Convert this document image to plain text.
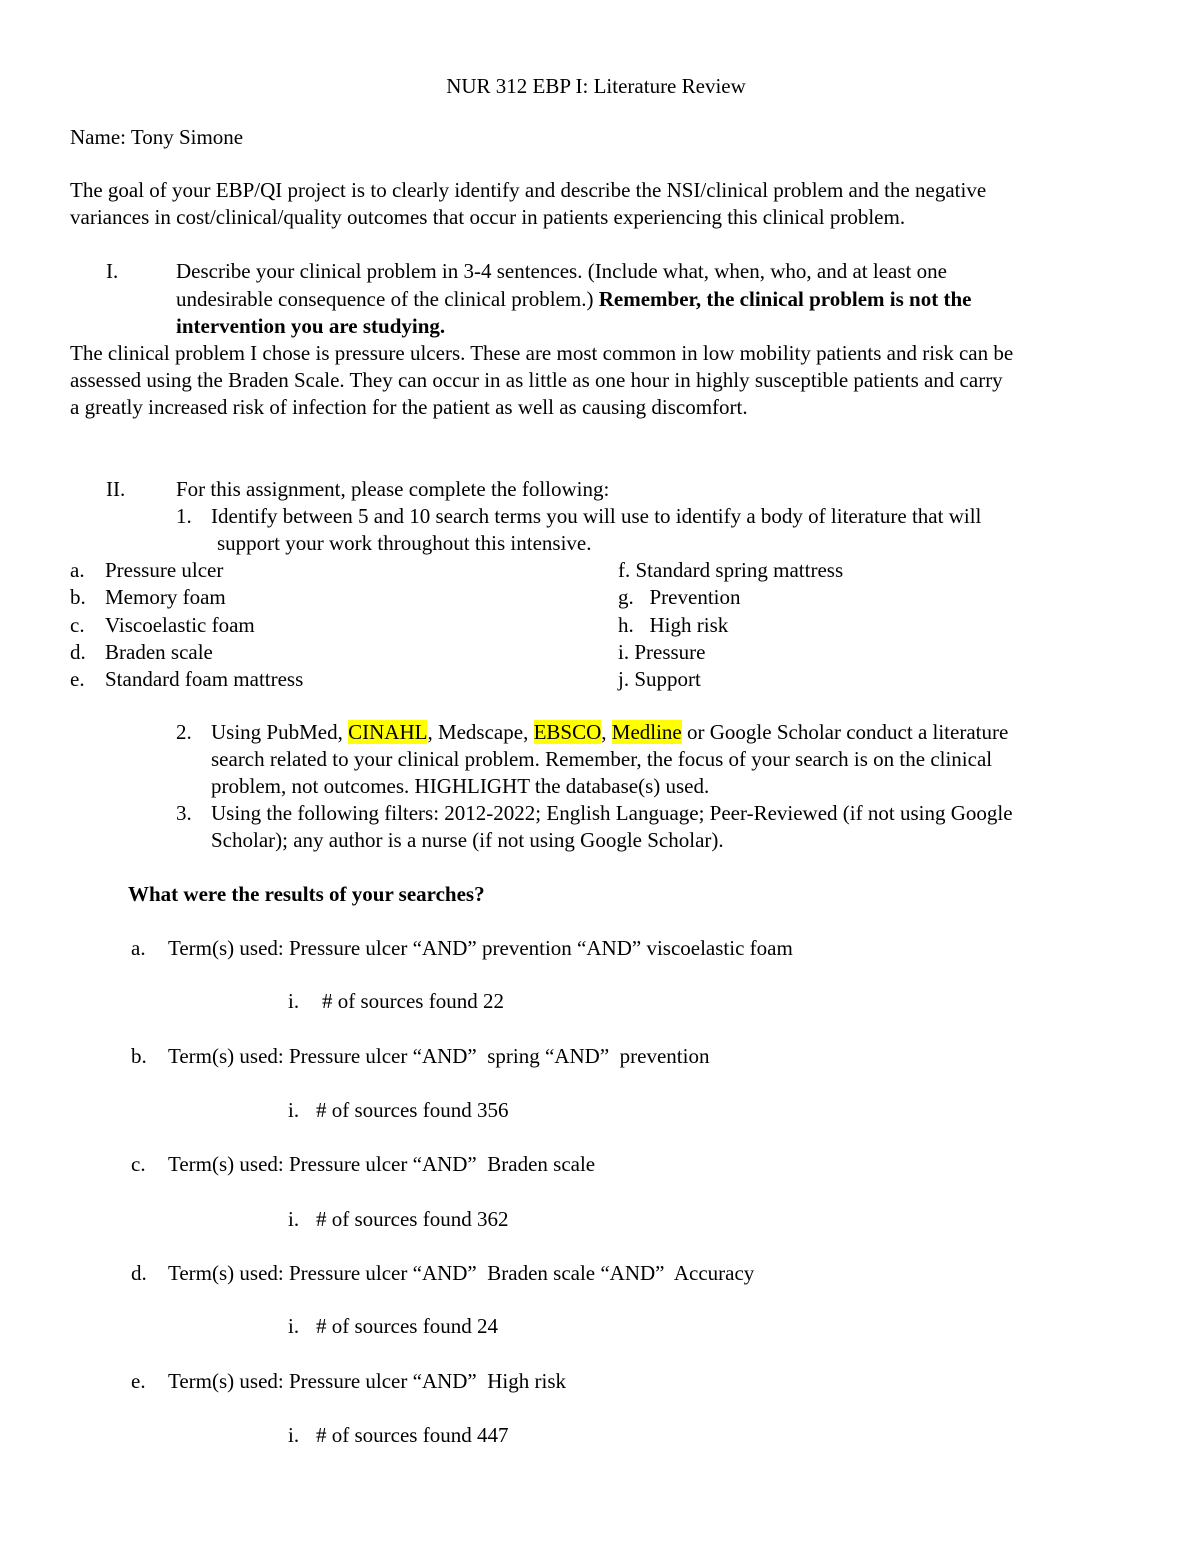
NUR 312 EBP I: Literature Review
Name: Tony Simone
The goal of your EBP/QI project is to clearly identify and describe the NSI/clinical problem and the negative
variances in cost/clinical/quality outcomes that occur in patients experiencing this clinical problem.
I.	Describe your clinical problem in 3-4 sentences. (Include what, when, who, and at least one
undesirable consequence of the clinical problem.) Remember, the clinical problem is not the
intervention you are studying.
The clinical problem I chose is pressure ulcers. These are most common in low mobility patients and risk can be
assessed using the Braden Scale. They can occur in as little as one hour in highly susceptible patients and carry
a greatly increased risk of infection for the patient as well as causing discomfort.
II. For this assignment, please complete the following:
1. Identify between 5 and 10 search terms you will use to identify a body of literature that will
support your work throughout this intensive.
a. Pressure ulcer
b. Memory foam
c. Viscoelastic foam
d. Braden scale
e. Standard foam mattress
f. Standard spring mattress
g.   Prevention
h.   High risk
i. Pressure
j. Support
2. Using PubMed, CINAHL, Medscape, EBSCO, Medline or Google Scholar conduct a literature
search related to your clinical problem. Remember, the focus of your search is on the clinical
problem, not outcomes. HIGHLIGHT the database(s) used.
3. Using the following filters: 2012-2022; English Language; Peer-Reviewed (if not using Google
Scholar); any author is a nurse (if not using Google Scholar).
What were the results of your searches?
a. Term(s) used: Pressure ulcer “AND” prevention “AND” viscoelastic foam
i. # of sources found 22
b. Term(s) used: Pressure ulcer “AND”  spring “AND”  prevention
i. # of sources found 356
c. Term(s) used: Pressure ulcer “AND”  Braden scale
i. # of sources found 362
d. Term(s) used: Pressure ulcer “AND”  Braden scale “AND”  Accuracy
i. # of sources found 24
e. Term(s) used: Pressure ulcer “AND”  High risk
i. # of sources found 447
